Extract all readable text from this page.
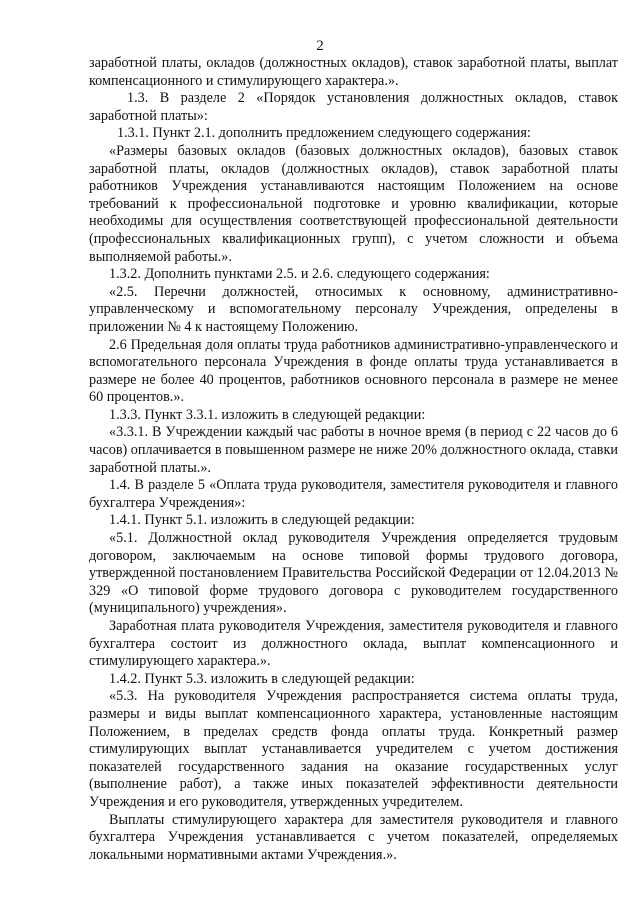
2

заработной платы, окладов (должностных окладов), ставок заработной платы, выплат компенсационного и стимулирующего характера.».

1.3. В разделе 2 «Порядок установления должностных окладов, ставок заработной платы»:

1.3.1. Пункт 2.1. дополнить предложением следующего содержания:

«Размеры базовых окладов (базовых должностных окладов), базовых ставок заработной платы, окладов (должностных окладов), ставок заработной платы работников Учреждения устанавливаются настоящим Положением на основе требований к профессиональной подготовке и уровню квалификации, которые необходимы для осуществления соответствующей профессиональной деятельности (профессиональных квалификационных групп), с учетом сложности и объема выполняемой работы.».

1.3.2. Дополнить пунктами 2.5. и 2.6. следующего содержания:

«2.5. Перечни должностей, относимых к основному, административно-управленческому и вспомогательному персоналу Учреждения, определены в приложении № 4 к настоящему Положению.

2.6 Предельная доля оплаты труда работников административно-управленческого и вспомогательного персонала Учреждения в фонде оплаты труда устанавливается в размере не более 40 процентов, работников основного персонала в размере не менее 60 процентов.».

1.3.3. Пункт 3.3.1. изложить в следующей редакции:

«3.3.1. В Учреждении каждый час работы в ночное время (в период с 22 часов до 6 часов) оплачивается в повышенном размере не ниже 20% должностного оклада, ставки заработной платы.».

1.4. В разделе 5 «Оплата труда руководителя, заместителя руководителя и главного бухгалтера Учреждения»:

1.4.1. Пункт 5.1. изложить в следующей редакции:

«5.1. Должностной оклад руководителя Учреждения определяется трудовым договором, заключаемым на основе типовой формы трудового договора, утвержденной постановлением Правительства Российской Федерации от 12.04.2013 № 329 «О типовой форме трудового договора с руководителем государственного (муниципального) учреждения».

Заработная плата руководителя Учреждения, заместителя руководителя и главного бухгалтера состоит из должностного оклада, выплат компенсационного и стимулирующего характера.».

1.4.2. Пункт 5.3. изложить в следующей редакции:

«5.3. На руководителя Учреждения распространяется система оплаты труда, размеры и виды выплат компенсационного характера, установленные настоящим Положением, в пределах средств фонда оплаты труда. Конкретный размер стимулирующих выплат устанавливается учредителем с учетом достижения показателей государственного задания на оказание государственных услуг (выполнение работ), а также иных показателей эффективности деятельности Учреждения и его руководителя, утвержденных учредителем.

Выплаты стимулирующего характера для заместителя руководителя и главного бухгалтера Учреждения устанавливается с учетом показателей, определяемых локальными нормативными актами Учреждения.».
